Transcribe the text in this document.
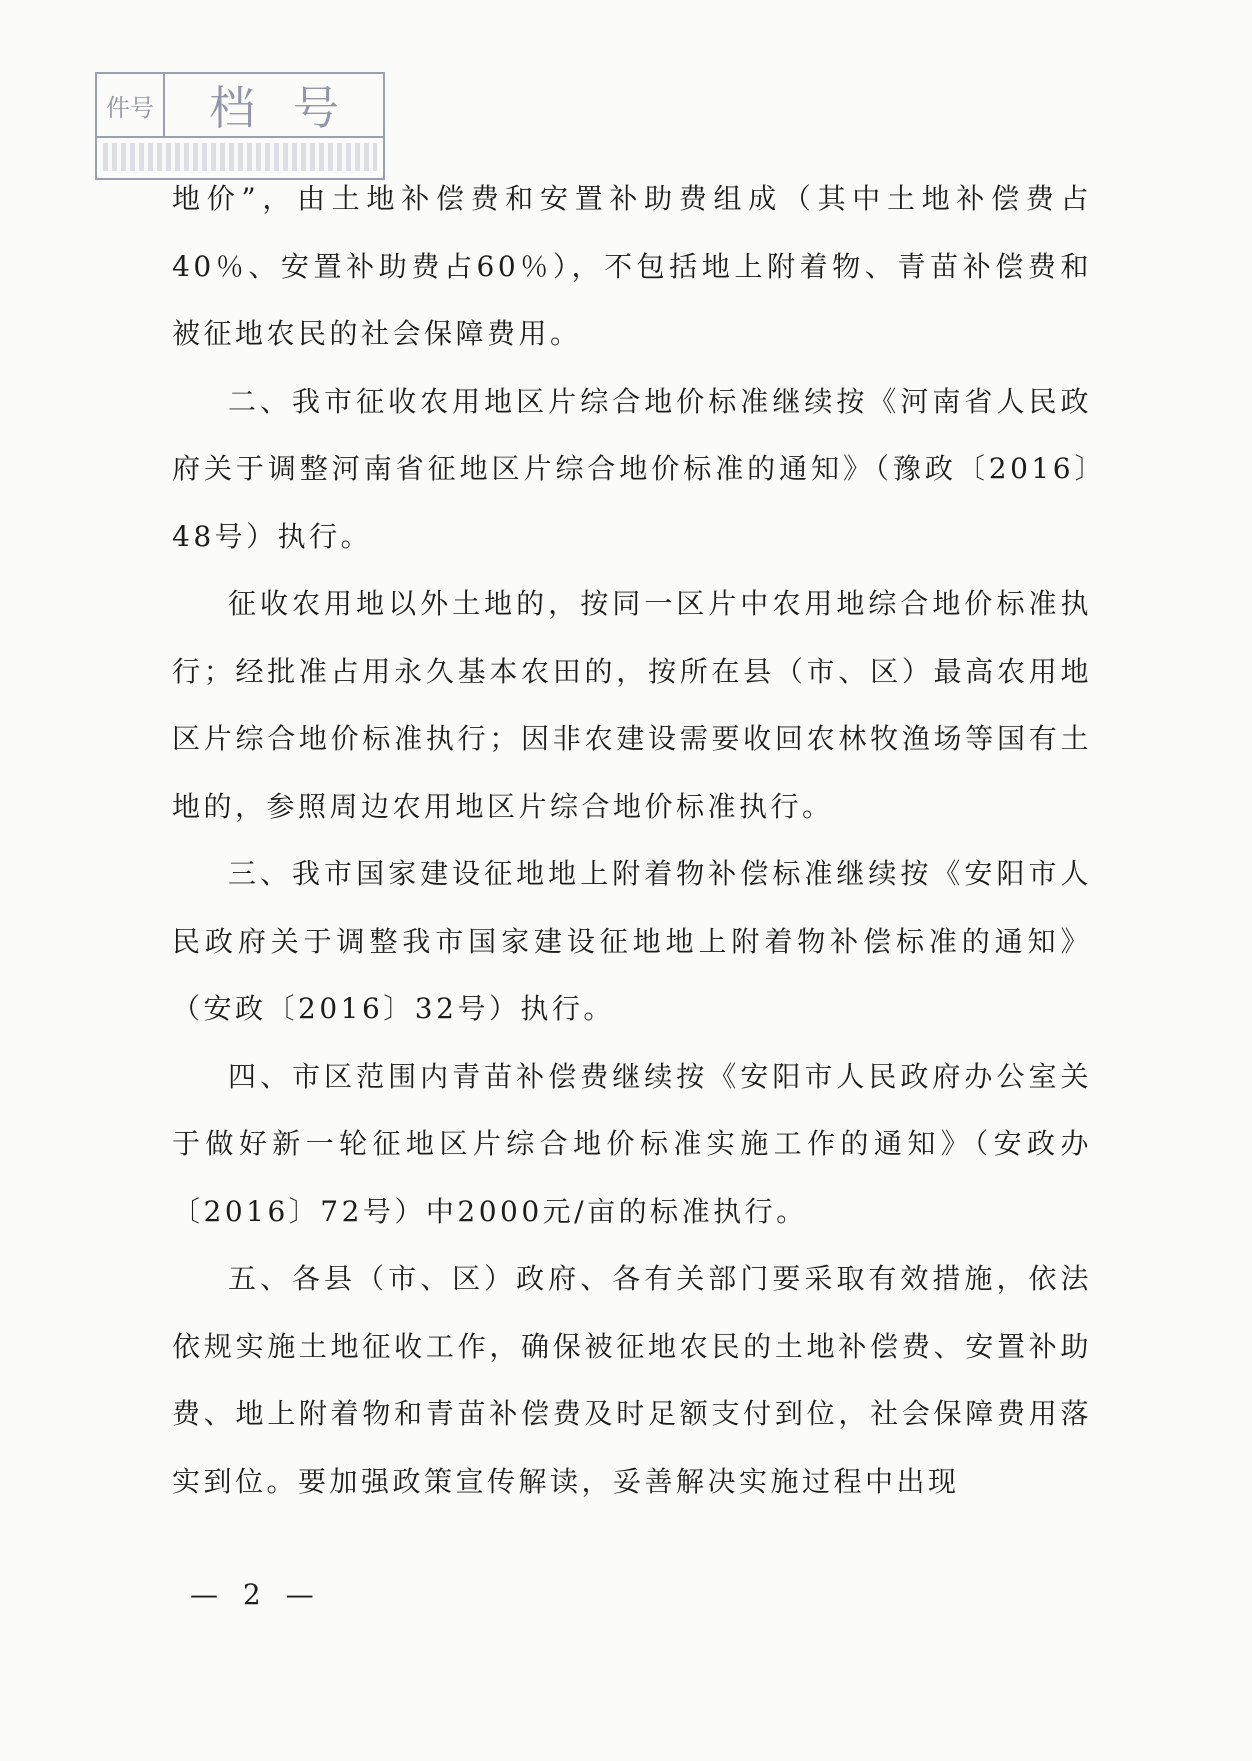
件号	档号

地价”，由土地补偿费和安置补助费组成（其中土地补偿费占40％、安置补助费占60％），不包括地上附着物、青苗补偿费和被征地农民的社会保障费用。

二、我市征收农用地区片综合地价标准继续按《河南省人民政府关于调整河南省征地区片综合地价标准的通知》（豫政〔2016〕48号）执行。

征收农用地以外土地的，按同一区片中农用地综合地价标准执行；经批准占用永久基本农田的，按所在县（市、区）最高农用地区片综合地价标准执行；因非农建设需要收回农林牧渔场等国有土地的，参照周边农用地区片综合地价标准执行。

三、我市国家建设征地地上附着物补偿标准继续按《安阳市人民政府关于调整我市国家建设征地地上附着物补偿标准的通知》（安政〔2016〕32号）执行。

四、市区范围内青苗补偿费继续按《安阳市人民政府办公室关于做好新一轮征地区片综合地价标准实施工作的通知》（安政办〔2016〕72号）中2000元/亩的标准执行。

五、各县（市、区）政府、各有关部门要采取有效措施，依法依规实施土地征收工作，确保被征地农民的土地补偿费、安置补助费、地上附着物和青苗补偿费及时足额支付到位，社会保障费用落实到位。要加强政策宣传解读，妥善解决实施过程中出现

— 2 —
